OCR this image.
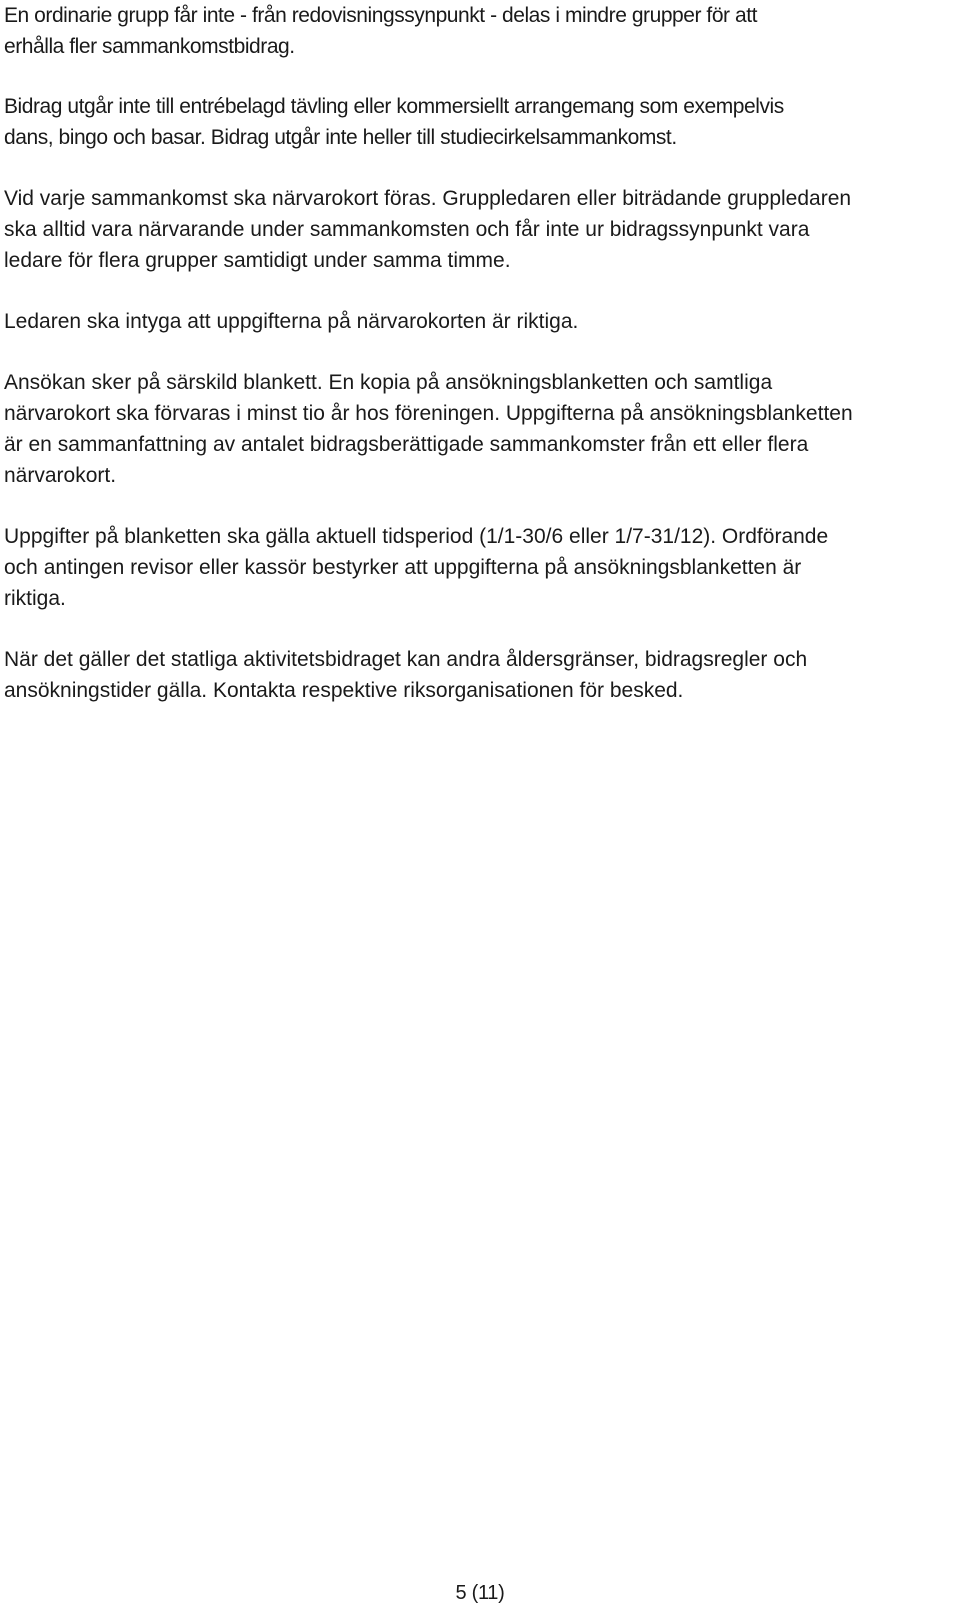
En ordinarie grupp får inte - från redovisningssynpunkt - delas i mindre grupper för att
erhålla fler sammankomstbidrag.

Bidrag utgår inte till entrébelagd tävling eller kommersiellt arrangemang som exempelvis
dans, bingo och basar. Bidrag utgår inte heller till studiecirkelsammankomst.

Vid varje sammankomst ska närvarokort föras. Gruppledaren eller biträdande gruppledaren
ska alltid vara närvarande under sammankomsten och får inte ur bidragssynpunkt vara
ledare för flera grupper samtidigt under samma timme.

Ledaren ska intyga att uppgifterna på närvarokorten är riktiga.

Ansökan sker på särskild blankett. En kopia på ansökningsblanketten och samtliga
närvarokort ska förvaras i minst tio år hos föreningen. Uppgifterna på ansökningsblanketten
är en sammanfattning av antalet bidragsberättigade sammankomster från ett eller flera
närvarokort.

Uppgifter på blanketten ska gälla aktuell tidsperiod (1/1-30/6 eller 1/7-31/12). Ordförande
och antingen revisor eller kassör bestyrker att uppgifterna på ansökningsblanketten är
riktiga.

När det gäller det statliga aktivitetsbidraget kan andra åldersgränser, bidragsregler och
ansökningstider gälla. Kontakta respektive riksorganisationen för besked.

5 (11)
